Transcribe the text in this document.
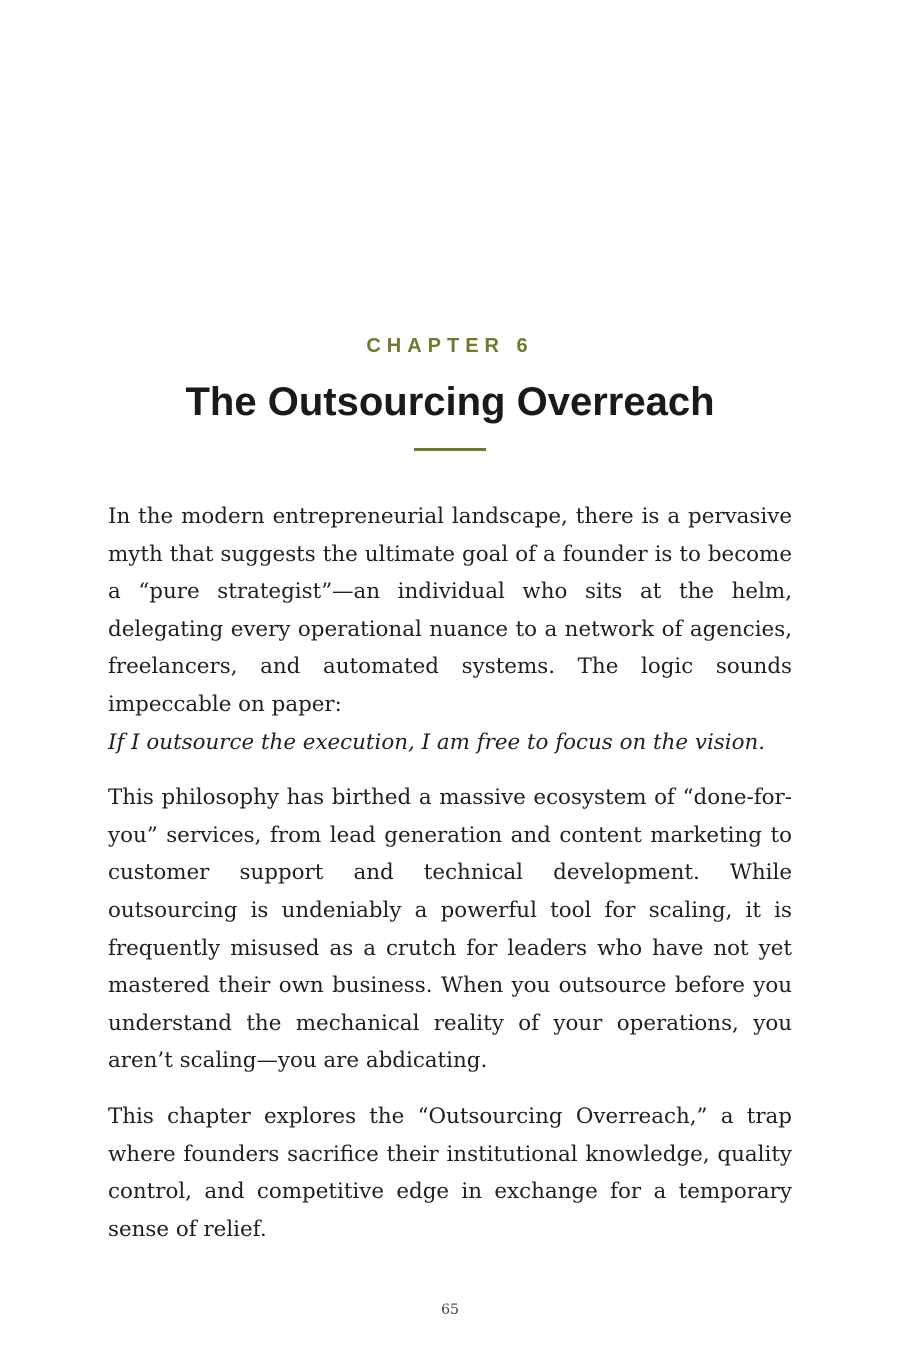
CHAPTER 6
The Outsourcing Overreach

In the modern entrepreneurial landscape, there is a pervasive myth that suggests the ultimate goal of a founder is to become a “pure strategist”—an individual who sits at the helm, delegating every operational nuance to a network of agencies, freelancers, and automated systems. The logic sounds impeccable on paper:
If I outsource the execution, I am free to focus on the vision.

This philosophy has birthed a massive ecosystem of “done-for-you” services, from lead generation and content marketing to customer support and technical development. While outsourcing is undeniably a powerful tool for scaling, it is frequently misused as a crutch for leaders who have not yet mastered their own business. When you outsource before you understand the mechanical reality of your operations, you aren’t scaling—you are abdicating.

This chapter explores the “Outsourcing Overreach,” a trap where founders sacrifice their institutional knowledge, quality control, and competitive edge in exchange for a temporary sense of relief.

65
